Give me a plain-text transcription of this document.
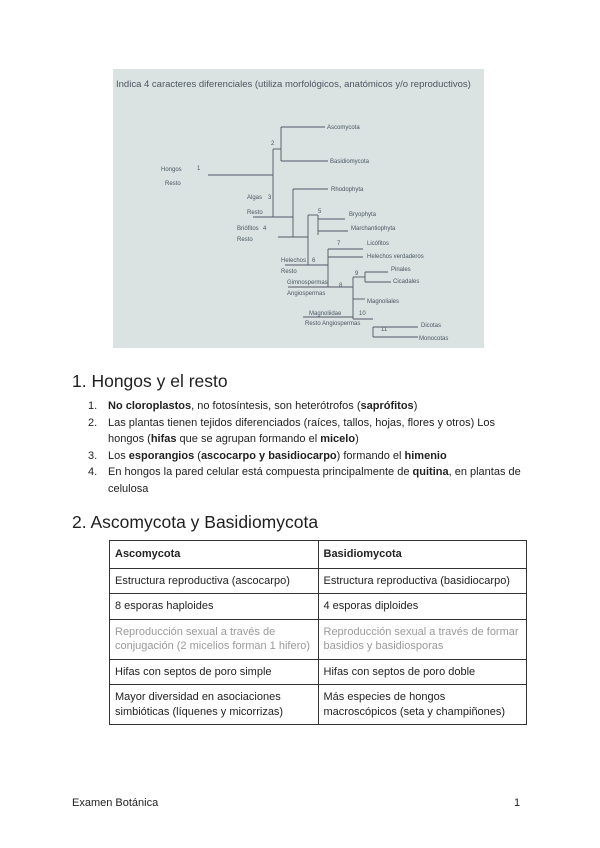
Indica 4 caracteres diferenciales (utiliza morfológicos, anatómicos y/o reproductivos)
Hongos	1
Resto
2
Ascomycota
Basidiomycota
Rhodophyta
Algas 3
Resto
Briófitos 4
Resto
5	Bryophyta
Marchantiophyta
7	Licófitos
Helechos verdaderos
Helechos 6
Resto	9
Pinales
Cicadales
Gimnospermas 8
Angiospermas
Magnoliales
Magnoliidae	10
Resto Angiospermas
11
Dicotas
Monocotas
1. Hongos y el resto
1. No cloroplastos, no fotosíntesis, son heterótrofos (saprófitos)
2. Las plantas tienen tejidos diferenciados (raíces, tallos, hojas, flores y otros) Los hongos (hifas que se agrupan formando el micelo)
3. Los esporangios (ascocarpo y basidiocarpo) formando el himenio
4. En hongos la pared celular está compuesta principalmente de quitina, en plantas de celulosa
2. Ascomycota y Basidiomycota
Ascomycota	Basidiomycota
Estructura reproductiva (ascocarpo)	Estructura reproductiva (basidiocarpo)
8 esporas haploides	4 esporas diploides
Reproducción sexual a través de conjugación (2 micelios forman 1 hifero)	Reproducción sexual a través de formar basidios y basidiosporas
Hifas con septos de poro simple	Hifas con septos de poro doble
Mayor diversidad en asociaciones simbióticas (líquenes y micorrizas)	Más especies de hongos macroscópicos (seta y champiñones)
Examen Botánica	1
